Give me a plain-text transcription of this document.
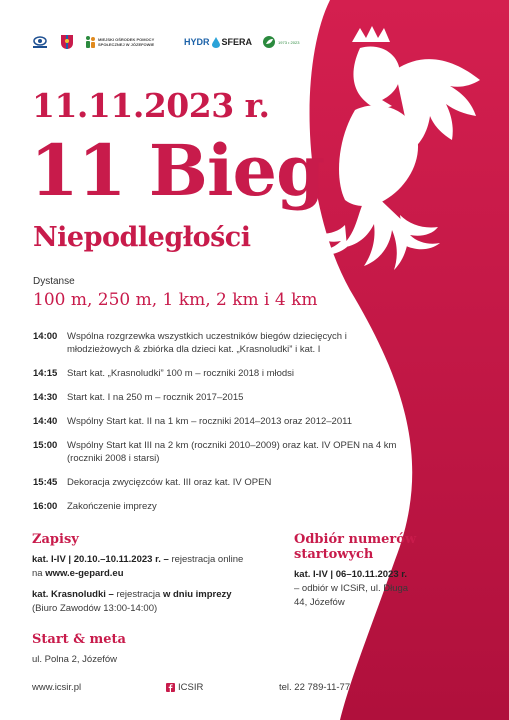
MIEJSKI OŚRODEK POMOCY SPOŁECZNEJ W JÓZEFOWIE	HYDR SFERA	1973 • 2023
11.11.2023 r.
11 Bieg
Niepodległości
Dystanse
100 m, 250 m, 1 km, 2 km i 4 km
14:00	Wspólna rozgrzewka wszystkich uczestników biegów dziecięcych i młodzieżowych & zbiórka dla dzieci kat. „Krasnoludki” i kat. I
14:15	Start kat. „Krasnoludki” 100 m – roczniki 2018 i młodsi
14:30	Start kat. I na 250 m – rocznik 2017–2015
14:40	Wspólny Start kat. II na 1 km – roczniki 2014–2013 oraz 2012–2011
15:00	Wspólny Start kat III na 2 km (roczniki 2010–2009) oraz kat. IV OPEN na 4 km (roczniki 2008 i starsi)
15:45	Dekoracja zwycięzców kat. III oraz kat. IV OPEN
16:00	Zakończenie imprezy
Zapisy
kat. I-IV | 20.10.–10.11.2023 r. – rejestracja online
na www.e-gepard.eu
kat. Krasnoludki – rejestracja w dniu imprezy
(Biuro Zawodów 13:00-14:00)
Odbiór numerów
startowych
kat. I-IV | 06–10.11.2023 r.
– odbiór w ICSiR, ul. Długa
44, Józefów
Start & meta
ul. Polna 2, Józefów
www.icsir.pl	ICSIR	tel. 22 789-11-77
